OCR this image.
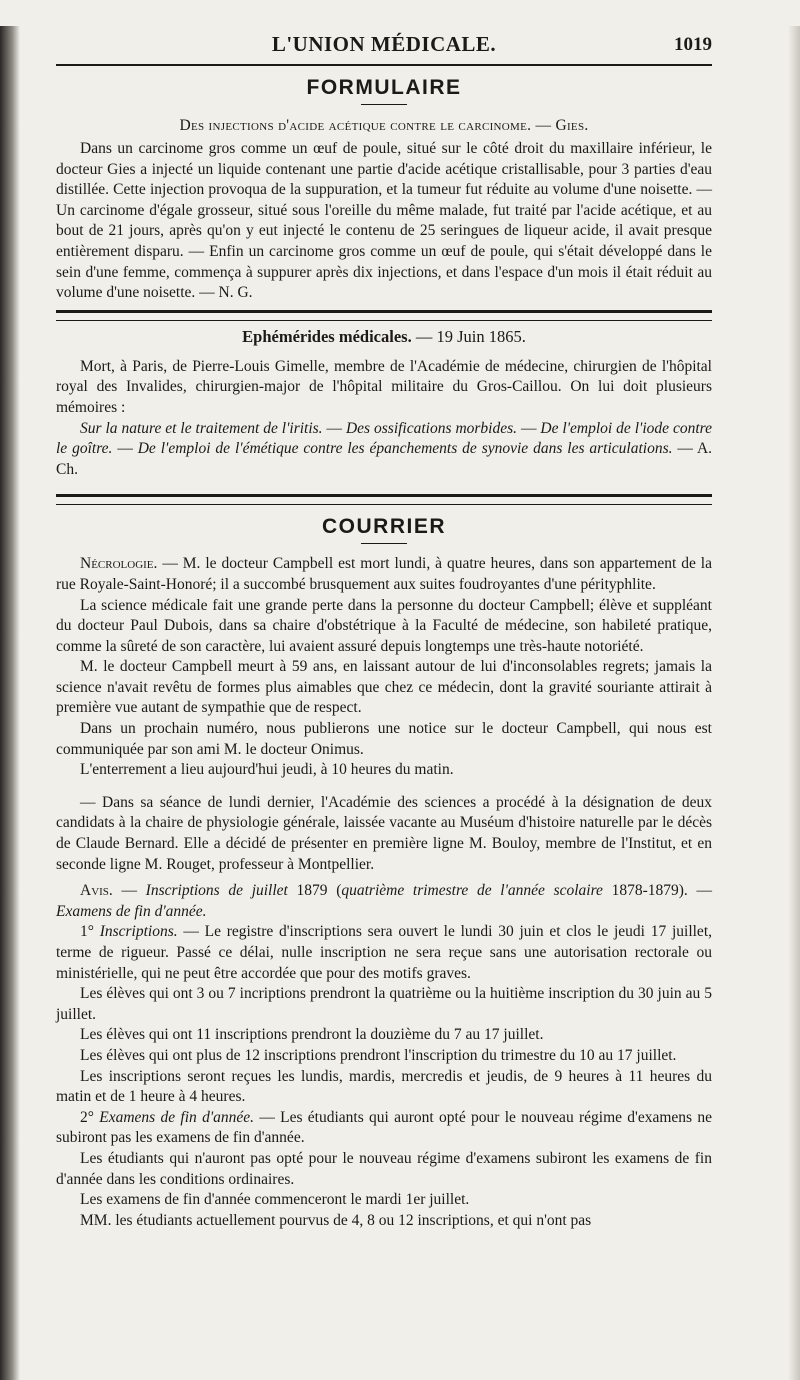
L'UNION MÉDICALE.	1019
FORMULAIRE
Des injections d'acide acétique contre le carcinome. — Gies.

Dans un carcinome gros comme un œuf de poule, situé sur le côté droit du maxillaire inférieur, le docteur Gies a injecté un liquide contenant une partie d'acide acétique cristallisable, pour 3 parties d'eau distillée. Cette injection provoqua de la suppuration, et la tumeur fut réduite au volume d'une noisette. — Un carcinome d'égale grosseur, situé sous l'oreille du même malade, fut traité par l'acide acétique, et au bout de 21 jours, après qu'on y eut injecté le contenu de 25 seringues de liqueur acide, il avait presque entièrement disparu. — Enfin un carcinome gros comme un œuf de poule, qui s'était développé dans le sein d'une femme, commença à suppurer après dix injections, et dans l'espace d'un mois il était réduit au volume d'une noisette. — N. G.

Ephémérides médicales. — 19 Juin 1865.

Mort, à Paris, de Pierre-Louis Gimelle, membre de l'Académie de médecine, chirurgien de l'hôpital royal des Invalides, chirurgien-major de l'hôpital militaire du Gros-Caillou. On lui doit plusieurs mémoires :

Sur la nature et le traitement de l'iritis. — Des ossifications morbides. — De l'emploi de l'iode contre le goître. — De l'emploi de l'émétique contre les épanchements de synovie dans les articulations. — A. Ch.

COURRIER

Nécrologie. — M. le docteur Campbell est mort lundi, à quatre heures, dans son appartement de la rue Royale-Saint-Honoré; il a succombé brusquement aux suites foudroyantes d'une pérityphlite.

La science médicale fait une grande perte dans la personne du docteur Campbell; élève et suppléant du docteur Paul Dubois, dans sa chaire d'obstétrique à la Faculté de médecine, son habileté pratique, comme la sûreté de son caractère, lui avaient assuré depuis longtemps une très-haute notoriété.

M. le docteur Campbell meurt à 59 ans, en laissant autour de lui d'inconsolables regrets; jamais la science n'avait revêtu de formes plus aimables que chez ce médecin, dont la gravité souriante attirait à première vue autant de sympathie que de respect.

Dans un prochain numéro, nous publierons une notice sur le docteur Campbell, qui nous est communiquée par son ami M. le docteur Onimus.

L'enterrement a lieu aujourd'hui jeudi, à 10 heures du matin.

— Dans sa séance de lundi dernier, l'Académie des sciences a procédé à la désignation de deux candidats à la chaire de physiologie générale, laissée vacante au Muséum d'histoire naturelle par le décès de Claude Bernard. Elle a décidé de présenter en première ligne M. Bouloy, membre de l'Institut, et en seconde ligne M. Rouget, professeur à Montpellier.

Avis. — Inscriptions de juillet 1879 (quatrième trimestre de l'année scolaire 1878-1879). — Examens de fin d'année.

1° Inscriptions. — Le registre d'inscriptions sera ouvert le lundi 30 juin et clos le jeudi 17 juillet, terme de rigueur. Passé ce délai, nulle inscription ne sera reçue sans une autorisation rectorale ou ministérielle, qui ne peut être accordée que pour des motifs graves.

Les élèves qui ont 3 ou 7 incriptions prendront la quatrième ou la huitième inscription du 30 juin au 5 juillet.

Les élèves qui ont 11 inscriptions prendront la douzième du 7 au 17 juillet.

Les élèves qui ont plus de 12 inscriptions prendront l'inscription du trimestre du 10 au 17 juillet.

Les inscriptions seront reçues les lundis, mardis, mercredis et jeudis, de 9 heures à 11 heures du matin et de 1 heure à 4 heures.

2° Examens de fin d'année. — Les étudiants qui auront opté pour le nouveau régime d'examens ne subiront pas les examens de fin d'année.

Les étudiants qui n'auront pas opté pour le nouveau régime d'examens subiront les examens de fin d'année dans les conditions ordinaires.

Les examens de fin d'année commenceront le mardi 1er juillet.

MM. les étudiants actuellement pourvus de 4, 8 ou 12 inscriptions, et qui n'ont pas
